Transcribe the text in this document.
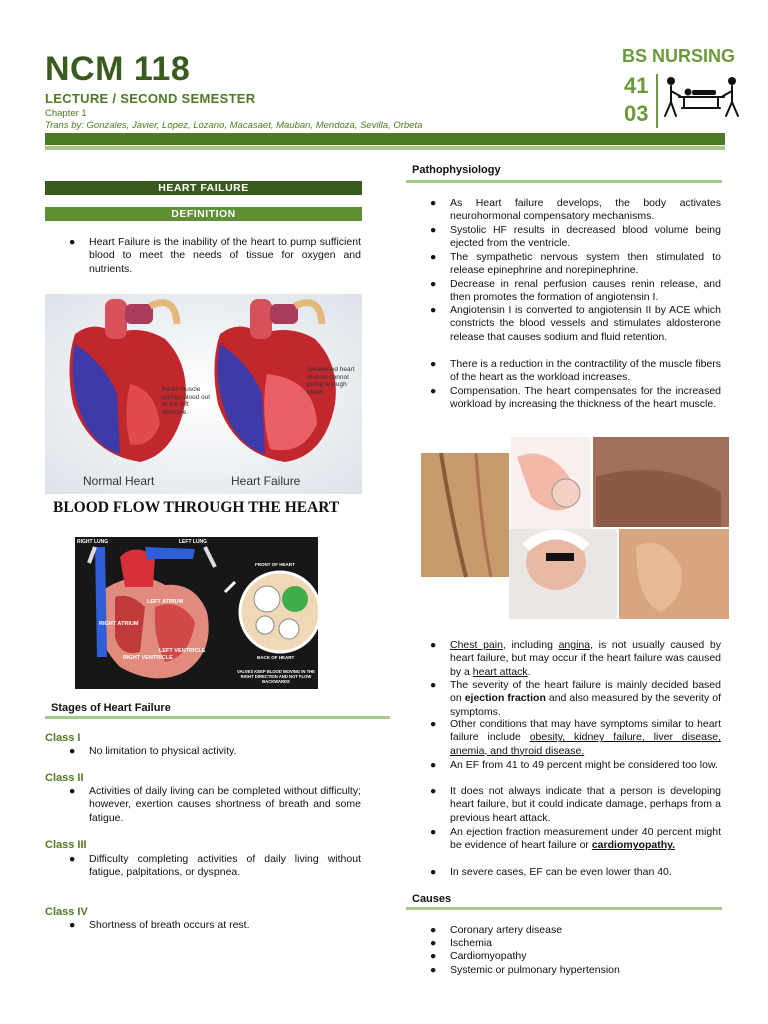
NCM 118
LECTURE / SECOND SEMESTER
Chapter 1
Trans by: Gonzales, Javier, Lopez, Lozano, Macasaet, Mauban, Mendoza, Sevilla, Orbeta
BS NURSING
41
03
HEART FAILURE
DEFINITION
● Heart Failure is the inability of the heart to pump sufficient blood to meet the needs of tissue for oxygen and nutrients.
Heart muscle pumps blood out of the left ventricle.
Weakened heart muscle cannot pump enough blood
Normal Heart	Heart Failure
BLOOD FLOW THROUGH THE HEART
RIGHT LUNG	LEFT LUNG
LEFT ATRIUM
RIGHT ATRIUM
RIGHT VENTRICLE
LEFT VENTRICLE
FRONT OF HEART
BACK OF HEART
VALVES KEEP BLOOD MOVING IN THE RIGHT DIRECTION AND NOT FLOW BACKWARDS
Stages of Heart Failure
Class I
● No limitation to physical activity.
Class II
● Activities of daily living can be completed without difficulty; however, exertion causes shortness of breath and some fatigue.
Class III
● Difficulty completing activities of daily living without fatigue, palpitations, or dyspnea.
Class IV
● Shortness of breath occurs at rest.
Pathophysiology
● As Heart failure develops, the body activates neurohormonal compensatory mechanisms.
● Systolic HF results in decreased blood volume being ejected from the ventricle.
● The sympathetic nervous system then stimulated to release epinephrine and norepinephrine.
● Decrease in renal perfusion causes renin release, and then promotes the formation of angiotensin I.
● Angiotensin I is converted to angiotensin II by ACE which constricts the blood vessels and stimulates aldosterone release that causes sodium and fluid retention.
● There is a reduction in the contractility of the muscle fibers of the heart as the workload increases.
● Compensation. The heart compensates for the increased workload by increasing the thickness of the heart muscle.
● Chest pain, including angina, is not usually caused by heart failure, but may occur if the heart failure was caused by a heart attack.
● The severity of the heart failure is mainly decided based on ejection fraction and also measured by the severity of symptoms.
● Other conditions that may have symptoms similar to heart failure include obesity, kidney failure, liver disease, anemia, and thyroid disease.
● An EF from 41 to 49 percent might be considered too low.
● It does not always indicate that a person is developing heart failure, but it could indicate damage, perhaps from a previous heart attack.
● An ejection fraction measurement under 40 percent might be evidence of heart failure or cardiomyopathy.
● In severe cases, EF can be even lower than 40.
Causes
● Coronary artery disease
● Ischemia
● Cardiomyopathy
● Systemic or pulmonary hypertension
